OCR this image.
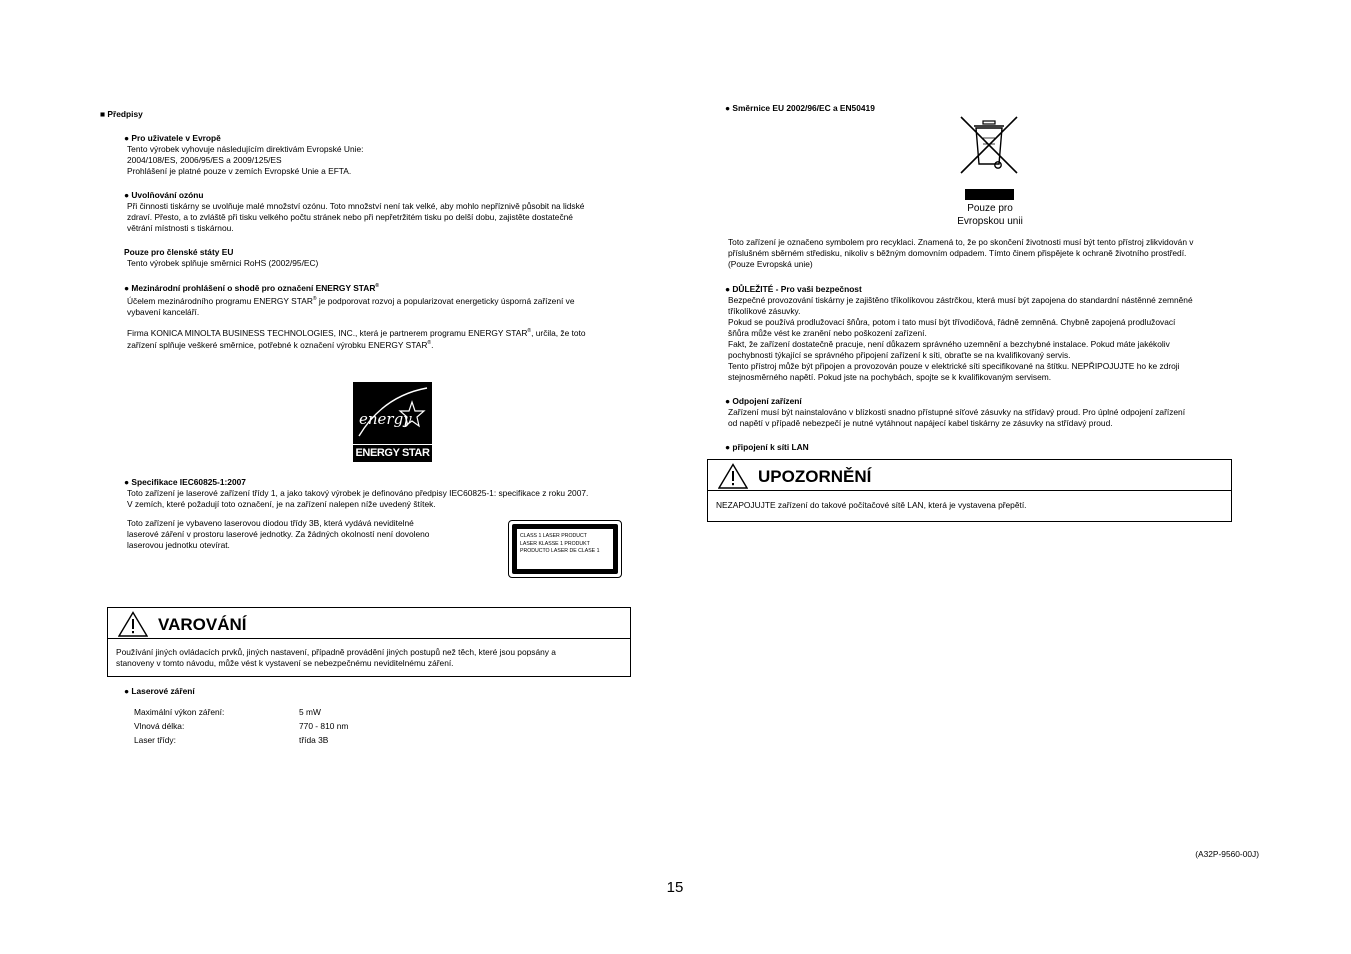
■ Předpisy

● Pro uživatele v Evropě

Tento výrobek vyhovuje následujícím direktivám Evropské Unie:

2004/108/ES, 2006/95/ES a 2009/125/ES

Prohlášení je platné pouze v zemích Evropské Unie a EFTA.

● Uvolňování ozónu

Při činnosti tiskárny se uvolňuje malé množství ozónu. Toto množství není tak velké, aby mohlo nepříznivě působit na lidské

zdraví. Přesto, a to zvláště při tisku velkého počtu stránek nebo při nepřetržitém tisku po delší dobu, zajistěte dostatečné

větrání místnosti s tiskárnou.

Pouze pro členské státy EU

Tento výrobek splňuje směrnici RoHS (2002/95/EC)

● Mezinárodní prohlášení o shodě pro označení ENERGY STAR®

Účelem mezinárodního programu ENERGY STAR® je podporovat rozvoj a popularizovat energeticky úsporná zařízení ve

vybavení kanceláří.

Firma KONICA MINOLTA BUSINESS TECHNOLOGIES, INC., která je partnerem programu ENERGY STAR®, určila, že toto

zařízení splňuje veškeré směrnice, potřebné k označení výrobku ENERGY STAR®.

energy
ENERGY STAR

● Specifikace IEC60825-1:2007

Toto zařízení je laserové zařízení třídy 1, a jako takový výrobek je definováno předpisy IEC60825-1: specifikace z roku 2007.

V zemích, které požadují toto označení, je na zařízení nalepen níže uvedený štítek.

Toto zařízení je vybaveno laserovou diodou třídy 3B, která vydává neviditelné

laserové záření v prostoru laserové jednotky. Za žádných okolností není dovoleno

laserovou jednotku otevírat.

CLASS 1 LASER PRODUCT

LASER KLASSE 1 PRODUKT

PRODUCTO LASER DE CLASE 1

VAROVÁNÍ

Používání jiných ovládacích prvků, jiných nastavení, případně provádění jiných postupů než těch, které jsou popsány a

stanoveny v tomto návodu, může vést k vystavení se nebezpečnému neviditelnému záření.

● Laserové záření

Maximální výkon záření:	5 mW
Vlnová délka:	770 - 810 nm
Laser třídy:	třída 3B
● Směrnice EU 2002/96/EC a EN50419

Pouze pro

Evropskou unii

Toto zařízení je označeno symbolem pro recyklaci. Znamená to, že po skončení životnosti musí být tento přístroj zlikvidován v

příslušném sběrném středisku, nikoliv s běžným domovním odpadem. Tímto činem přispějete k ochraně životního prostředí.

(Pouze Evropská unie)

● DŮLEŽITÉ - Pro vaši bezpečnost

Bezpečné provozování tiskárny je zajištěno tříkolíkovou zástrčkou, která musí být zapojena do standardní nástěnné zemněné

tříkolíkové zásuvky.

Pokud se používá prodlužovací šňůra, potom i tato musí být třívodičová, řádně zemněná. Chybně zapojená prodlužovací

šňůra může vést ke zranění nebo poškození zařízení.

Fakt, že zařízení dostatečně pracuje, není důkazem správného uzemnění a bezchybné instalace. Pokud máte jakékoliv

pochybnosti týkající se správného připojení zařízení k síti, obraťte se na kvalifikovaný servis.

Tento přístroj může být připojen a provozován pouze v elektrické síti specifikované na štítku. NEPŘIPOJUJTE ho ke zdroji

stejnosměrného napětí. Pokud jste na pochybách, spojte se k kvalifikovaným servisem.

● Odpojení zařízení

Zařízení musí být nainstalováno v blízkosti snadno přístupné síťové zásuvky na střídavý proud. Pro úplné odpojení zařízení

od napětí v případě nebezpečí je nutné vytáhnout napájecí kabel tiskárny ze zásuvky na střídavý proud.

● připojení k síti LAN
UPOZORNĚNÍ

NEZAPOJUJTE zařízení do takové počítačové sítě LAN, která je vystavena přepětí.

(A32P-9560-00J)
15
